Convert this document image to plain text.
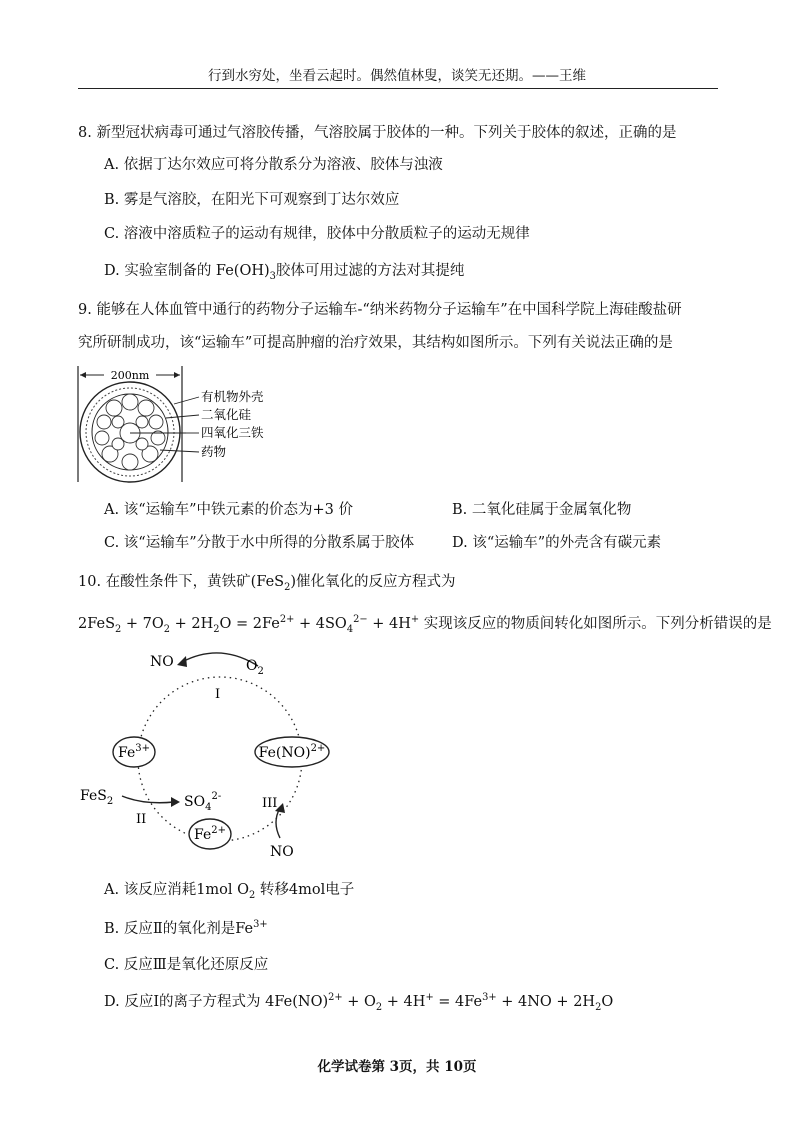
行到水穷处，坐看云起时。偶然值林叟，谈笑无还期。——王维
8. 新型冠状病毒可通过气溶胶传播，气溶胶属于胶体的一种。下列关于胶体的叙述，正确的是
A. 依据丁达尔效应可将分散系分为溶液、胶体与浊液
B. 雾是气溶胶，在阳光下可观察到丁达尔效应
C. 溶液中溶质粒子的运动有规律，胶体中分散质粒子的运动无规律
D. 实验室制备的 $Fe(OH)_3$胶体可用过滤的方法对其提纯
9. 能够在人体血管中通行的药物分子运输车-“纳米药物分子运输车”在中国科学院上海硅酸盐研
究所研制成功，该“运输车”可提高肿瘤的治疗效果，其结构如图所示。下列有关说法正确的是
200nm
有机物外壳
二氧化硅
四氧化三铁
药物
A. 该“运输车”中铁元素的价态为+3 价	B. 二氧化硅属于金属氧化物
C. 该“运输车”分散于水中所得的分散系属于胶体	D. 该“运输车”的外壳含有碳元素
10. 在酸性条件下，黄铁矿(FeS$_2$)催化氧化的反应方程式为
$2FeS_2 + 7O_2 + 2H_2O = 2Fe^{2+} + 4SO_4^{2-} + 4H^+$ 实现该反应的物质间转化如图所示。下列分析错误的是
NO	$O_2$
I
$Fe^{3+}$	Fe(NO)$^{2+}$
$Fe^{2+}$
FeS$_2$	$SO_4^{2-}$
II
III
NO
A. 该反应消耗1mol $O_2$ 转移4mol电子
B. 反应Ⅱ的氧化剂是$Fe^{3+}$
C. 反应Ⅲ是氧化还原反应
D. 反应Ⅰ的离子方程式为 $4Fe(NO)^{2+} + O_2 + 4H^+ = 4Fe^{3+} + 4NO + 2H_2O$
化学试卷第 3页，共 10页
